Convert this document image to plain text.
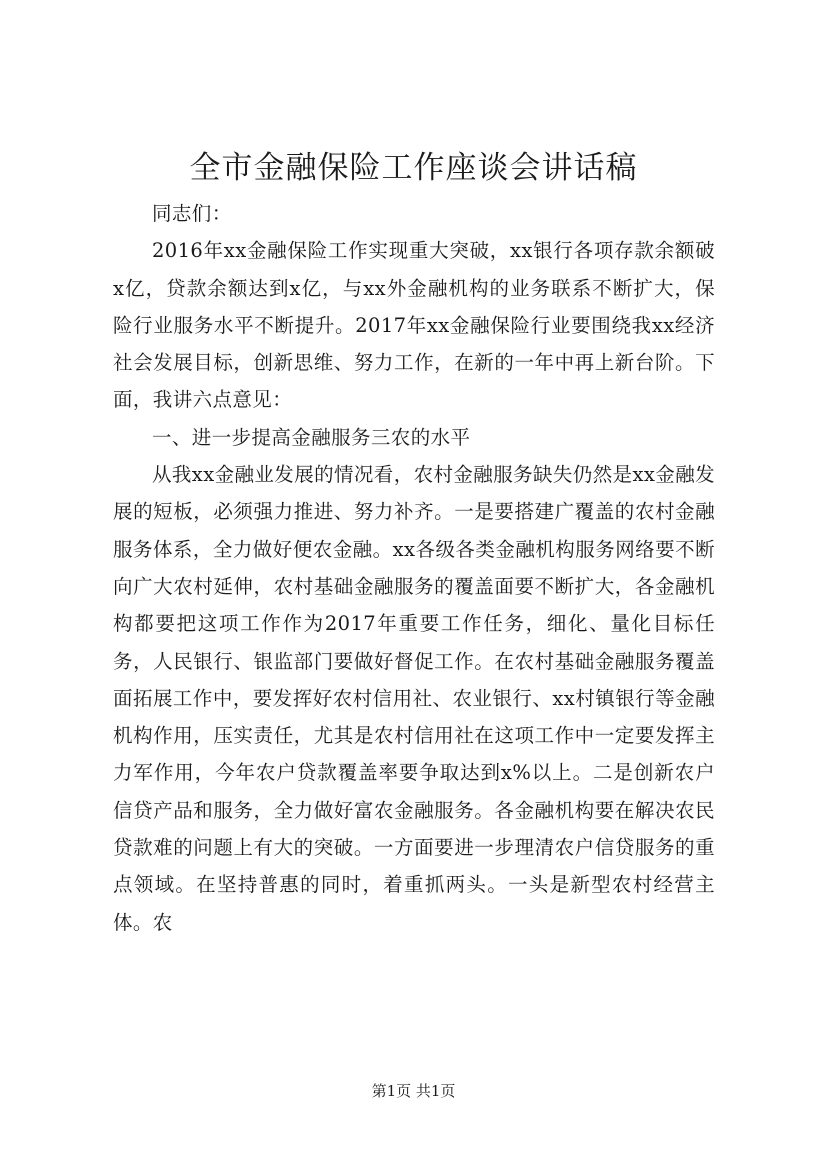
全市金融保险工作座谈会讲话稿

同志们：

2016年xx金融保险工作实现重大突破，xx银行各项存款余额破x亿，贷款余额达到x亿，与xx外金融机构的业务联系不断扩大，保险行业服务水平不断提升。2017年xx金融保险行业要围绕我xx经济社会发展目标，创新思维、努力工作，在新的一年中再上新台阶。下面，我讲六点意见：

一、进一步提高金融服务三农的水平

从我xx金融业发展的情况看，农村金融服务缺失仍然是xx金融发展的短板，必须强力推进、努力补齐。一是要搭建广覆盖的农村金融服务体系，全力做好便农金融。xx各级各类金融机构服务网络要不断向广大农村延伸，农村基础金融服务的覆盖面要不断扩大，各金融机构都要把这项工作作为2017年重要工作任务，细化、量化目标任务，人民银行、银监部门要做好督促工作。在农村基础金融服务覆盖面拓展工作中，要发挥好农村信用社、农业银行、xx村镇银行等金融机构作用，压实责任，尤其是农村信用社在这项工作中一定要发挥主力军作用，今年农户贷款覆盖率要争取达到x%以上。二是创新农户信贷产品和服务，全力做好富农金融服务。各金融机构要在解决农民贷款难的问题上有大的突破。一方面要进一步理清农户信贷服务的重点领域。在坚持普惠的同时，着重抓两头。一头是新型农村经营主体。农

第1页 共1页
